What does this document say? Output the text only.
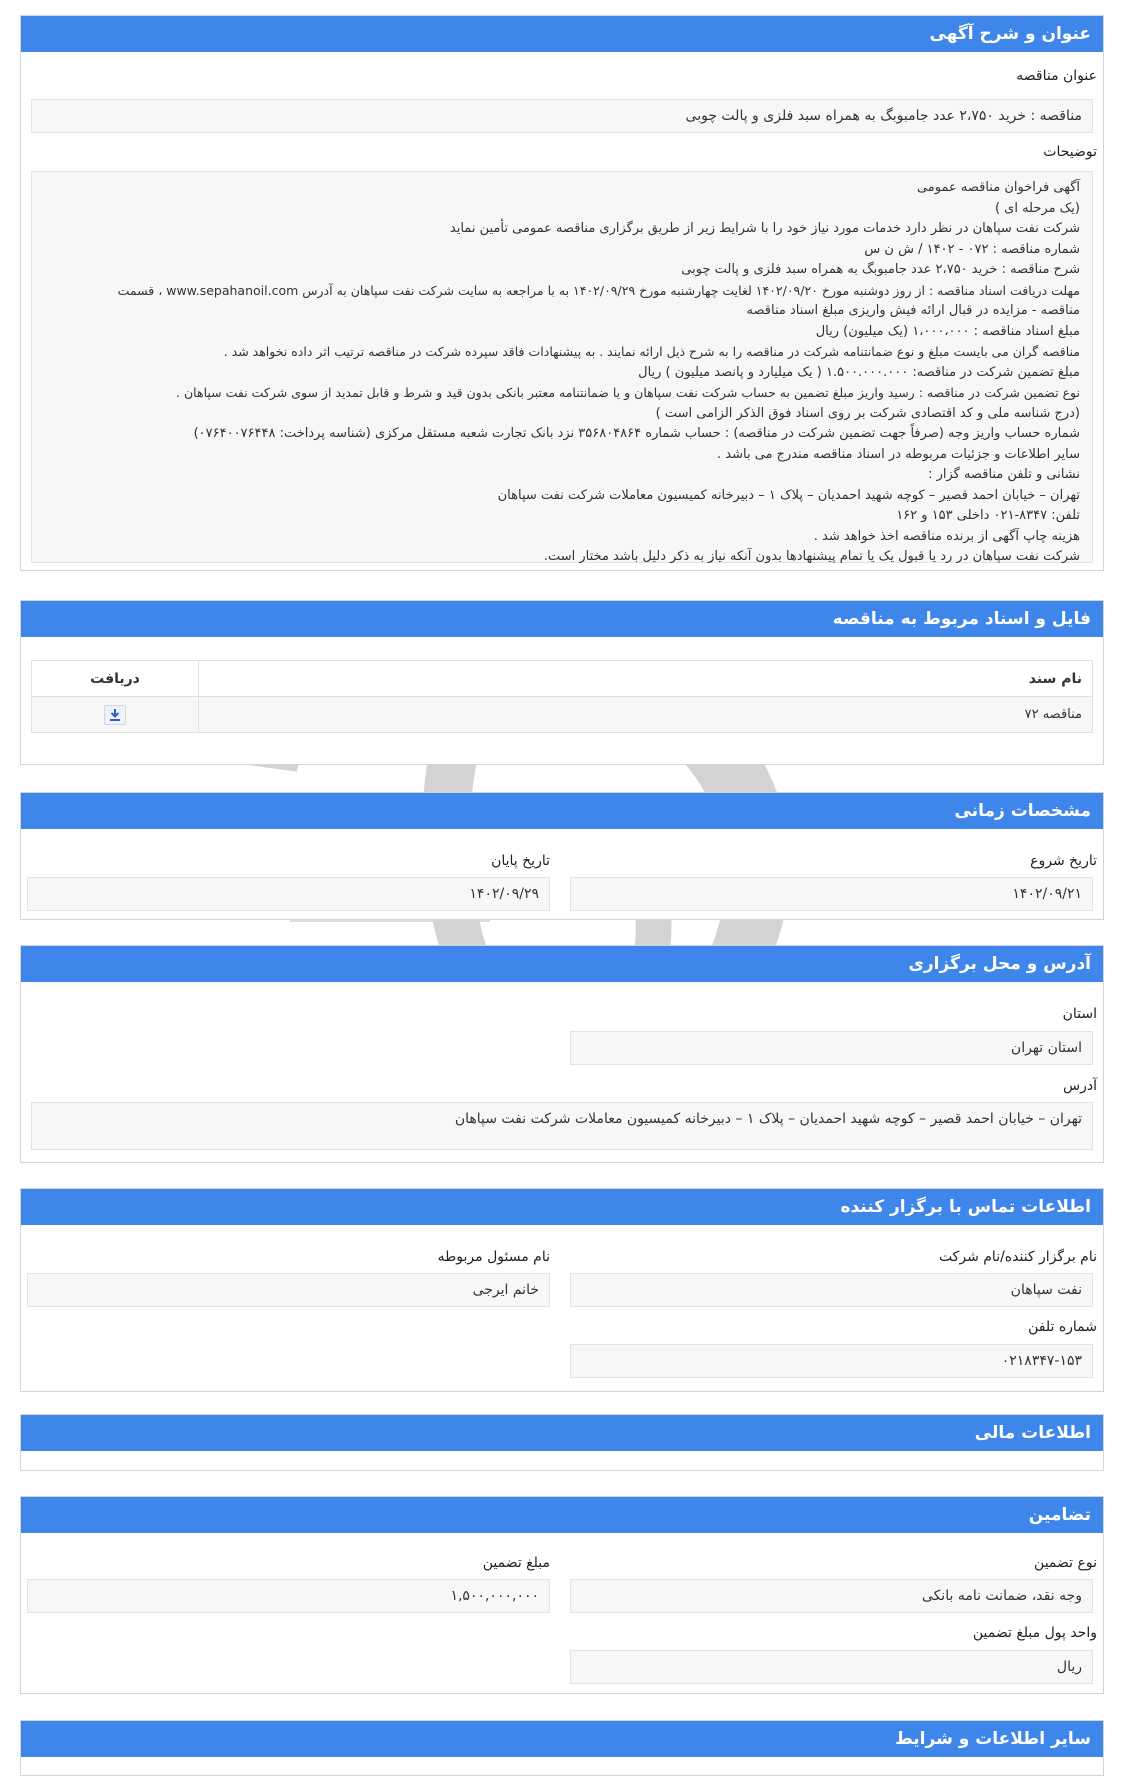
عنوان و شرح آگهی
عنوان مناقصه
مناقصه : خرید ۲،۷۵۰ عدد جامبوبگ به همراه سبد فلزی و پالت چوبی
توضیحات
آگهی فراخوان مناقصه عمومی
(یک مرحله ای )
شرکت نفت سپاهان در نظر دارد خدمات مورد نیاز خود را با شرایط زیر از طریق برگزاری مناقصه عمومی تأمین نماید
شماره مناقصه : ۰۷۲ - ۱۴۰۲ / ش ن س
شرح مناقصه : خرید ۲،۷۵۰ عدد جامبوبگ به همراه سبد فلزی و پالت چوبی
مهلت دریافت اسناد مناقصه : از روز دوشنبه مورخ ۱۴۰۲/۰۹/۲۰ لغایت چهارشنبه مورخ ۱۴۰۲/۰۹/۲۹ به با مراجعه به سایت شرکت نفت سپاهان به آدرس www.sepahanoil.com ، قسمت
مناقصه - مزایده در قبال ارائه فیش واریزی مبلغ اسناد مناقصه
مبلغ اسناد مناقصه : ۱،۰۰۰،۰۰۰ (یک میلیون) ریال
مناقصه گران می بایست مبلغ و نوع ضمانتنامه شرکت در مناقصه را به شرح ذیل ارائه نمایند . به پیشنهادات فاقد سپرده شرکت در مناقصه ترتیب اثر داده نخواهد شد .
مبلغ تضمین شرکت در مناقصه: ۱.۵۰۰.۰۰۰.۰۰۰ ( یک میلیارد و پانصد میلیون ) ریال
نوع تضمین شرکت در مناقصه : رسید واریز مبلغ تضمین به حساب شرکت نفت سپاهان و یا ضمانتنامه معتبر بانکی بدون قید و شرط و قابل تمدید از سوی شرکت نفت سپاهان .
(درج شناسه ملی و کد اقتصادی شرکت بر روی اسناد فوق الذکر الزامی است )
شماره حساب واریز وجه (صرفاً جهت تضمین شرکت در مناقصه) : حساب شماره ۳۵۶۸۰۴۸۶۴ نزد بانک تجارت شعبه مستقل مرکزی (شناسه پرداخت: ۰۷۶۴۰۰۷۶۴۴۸)
سایر اطلاعات و جزئیات مربوطه در اسناد مناقصه مندرج می باشد .
نشانی و تلفن مناقصه گزار :
تهران – خیابان احمد قصیر – کوچه شهید احمدیان – پلاک ۱ – دبیرخانه کمیسیون معاملات شرکت نفت سپاهان
تلفن: ۸۳۴۷-۰۲۱ داخلی ۱۵۳ و ۱۶۲
هزینه چاپ آگهی از برنده مناقصه اخذ خواهد شد .
شرکت نفت سپاهان در رد یا قبول یک یا تمام پیشنهادها بدون آنکه نیاز به ذکر دلیل باشد مختار است.
فایل و اسناد مربوط به مناقصه
نام سند	دریافت
مناقصه ۷۲	
مشخصات زمانی
تاریخ شروع
۱۴۰۲/۰۹/۲۱
تاریخ پایان
۱۴۰۲/۰۹/۲۹
آدرس و محل برگزاری
استان
استان تهران
آدرس
تهران – خیابان احمد قصیر – کوچه شهید احمدیان – پلاک ۱ – دبیرخانه کمیسیون معاملات شرکت نفت سپاهان
اطلاعات تماس با برگزار کننده
نام برگزار کننده/نام شرکت
نفت سپاهان
نام مسئول مربوطه
خانم ایرجی
شماره تلفن
۰۲۱۸۳۴۷-۱۵۳
اطلاعات مالی
تضامین
نوع تضمین
وجه نقد، ضمانت نامه بانکی
مبلغ تضمین
۱,۵۰۰,۰۰۰,۰۰۰
واحد پول مبلغ تضمین
ریال
سایر اطلاعات و شرایط
